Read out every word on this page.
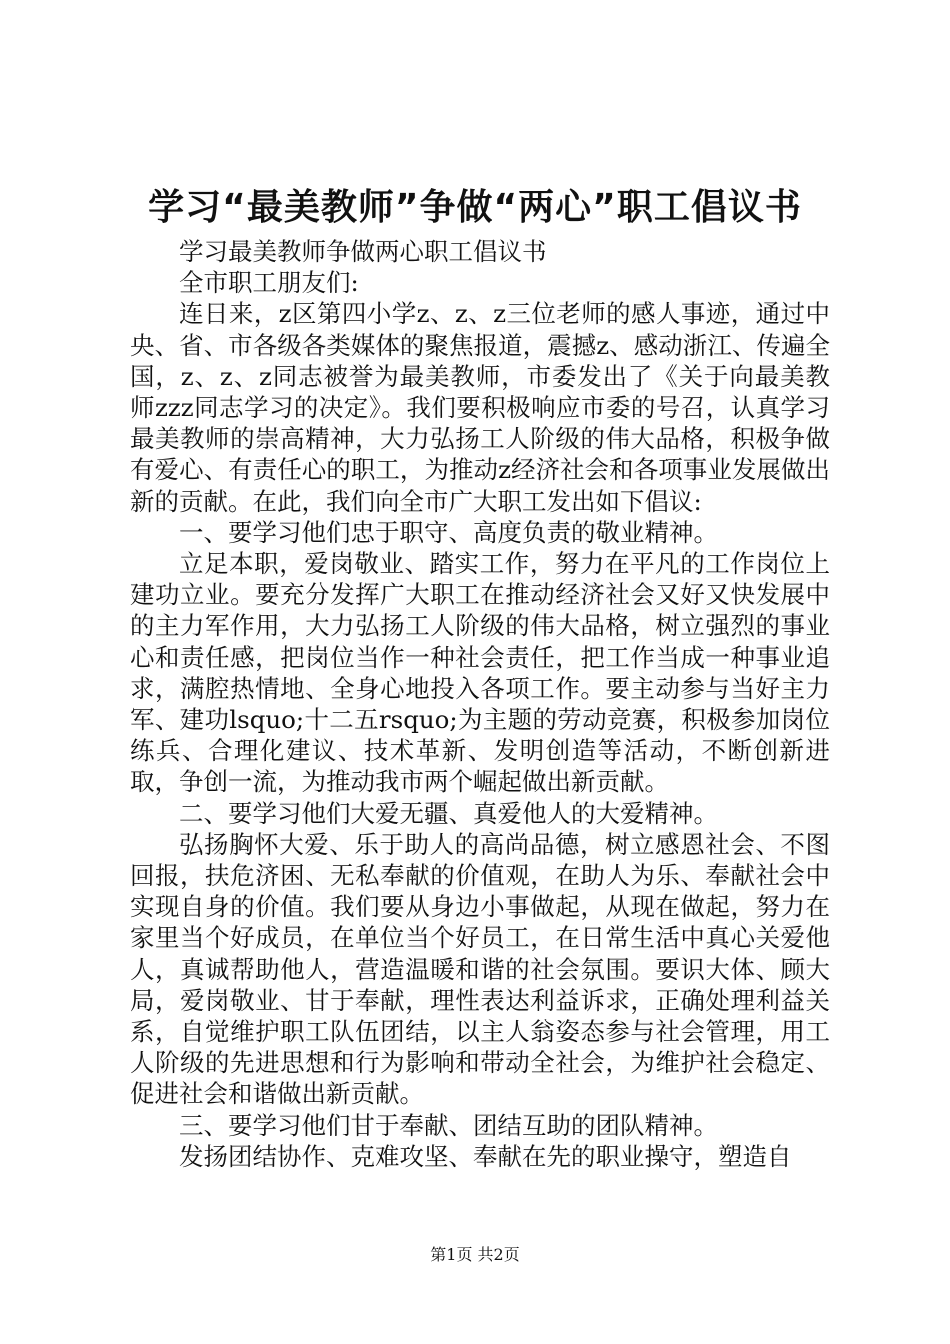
学习“最美教师”争做“两心”职工倡议书

学习最美教师争做两心职工倡议书

全市职工朋友们:

连日来，z区第四小学z、z、z三位老师的感人事迹，通过中央、省、市各级各类媒体的聚焦报道，震撼z、感动浙江、传遍全国，z、z、z同志被誉为最美教师，市委发出了《关于向最美教师zzz同志学习的决定》。我们要积极响应市委的号召，认真学习最美教师的崇高精神，大力弘扬工人阶级的伟大品格，积极争做有爱心、有责任心的职工，为推动z经济社会和各项事业发展做出新的贡献。在此，我们向全市广大职工发出如下倡议:

一、要学习他们忠于职守、高度负责的敬业精神。

立足本职，爱岗敬业、踏实工作，努力在平凡的工作岗位上建功立业。要充分发挥广大职工在推动经济社会又好又快发展中的主力军作用，大力弘扬工人阶级的伟大品格，树立强烈的事业心和责任感，把岗位当作一种社会责任，把工作当成一种事业追求，满腔热情地、全身心地投入各项工作。要主动参与当好主力军、建功lsquo;十二五rsquo;为主题的劳动竞赛，积极参加岗位练兵、合理化建议、技术革新、发明创造等活动，不断创新进取，争创一流，为推动我市两个崛起做出新贡献。

二、要学习他们大爱无疆、真爱他人的大爱精神。

弘扬胸怀大爱、乐于助人的高尚品德，树立感恩社会、不图回报，扶危济困、无私奉献的价值观，在助人为乐、奉献社会中实现自身的价值。我们要从身边小事做起，从现在做起，努力在家里当个好成员，在单位当个好员工，在日常生活中真心关爱他人，真诚帮助他人，营造温暖和谐的社会氛围。要识大体、顾大局，爱岗敬业、甘于奉献，理性表达利益诉求，正确处理利益关系，自觉维护职工队伍团结，以主人翁姿态参与社会管理，用工人阶级的先进思想和行为影响和带动全社会，为维护社会稳定、促进社会和谐做出新贡献。

三、要学习他们甘于奉献、团结互助的团队精神。

发扬团结协作、克难攻坚、奉献在先的职业操守，塑造自

第1页 共2页
